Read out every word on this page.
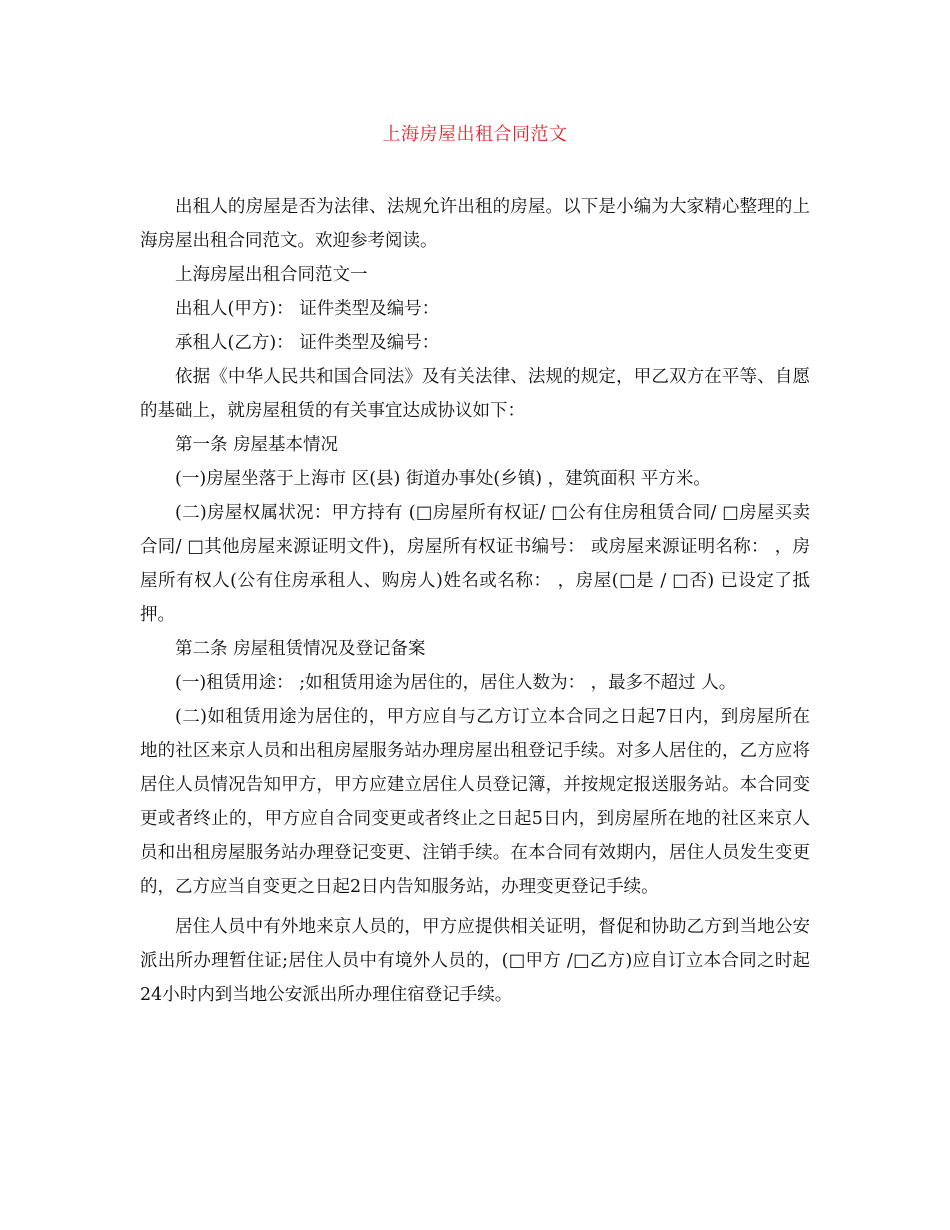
上海房屋出租合同范文

出租人的房屋是否为法律、法规允许出租的房屋。以下是小编为大家精心整理的上海房屋出租合同范文。欢迎参考阅读。

上海房屋出租合同范文一

出租人(甲方)： 证件类型及编号：

承租人(乙方)： 证件类型及编号：

依据《中华人民共和国合同法》及有关法律、法规的规定，甲乙双方在平等、自愿的基础上，就房屋租赁的有关事宜达成协议如下：

第一条 房屋基本情况

(一)房屋坐落于上海市 区(县) 街道办事处(乡镇) ，建筑面积 平方米。

(二)房屋权属状况：甲方持有 (□房屋所有权证/ □公有住房租赁合同/ □房屋买卖合同/ □其他房屋来源证明文件)，房屋所有权证书编号： 或房屋来源证明名称： ，房屋所有权人(公有住房承租人、购房人)姓名或名称： ，房屋(□是 / □否) 已设定了抵押。

第二条 房屋租赁情况及登记备案

(一)租赁用途： ;如租赁用途为居住的，居住人数为： ，最多不超过 人。

(二)如租赁用途为居住的，甲方应自与乙方订立本合同之日起7日内，到房屋所在地的社区来京人员和出租房屋服务站办理房屋出租登记手续。对多人居住的，乙方应将居住人员情况告知甲方，甲方应建立居住人员登记簿，并按规定报送服务站。本合同变更或者终止的，甲方应自合同变更或者终止之日起5日内，到房屋所在地的社区来京人员和出租房屋服务站办理登记变更、注销手续。在本合同有效期内，居住人员发生变更的，乙方应当自变更之日起2日内告知服务站，办理变更登记手续。

居住人员中有外地来京人员的，甲方应提供相关证明，督促和协助乙方到当地公安派出所办理暂住证;居住人员中有境外人员的，(□甲方 /□乙方)应自订立本合同之时起24小时内到当地公安派出所办理住宿登记手续。
